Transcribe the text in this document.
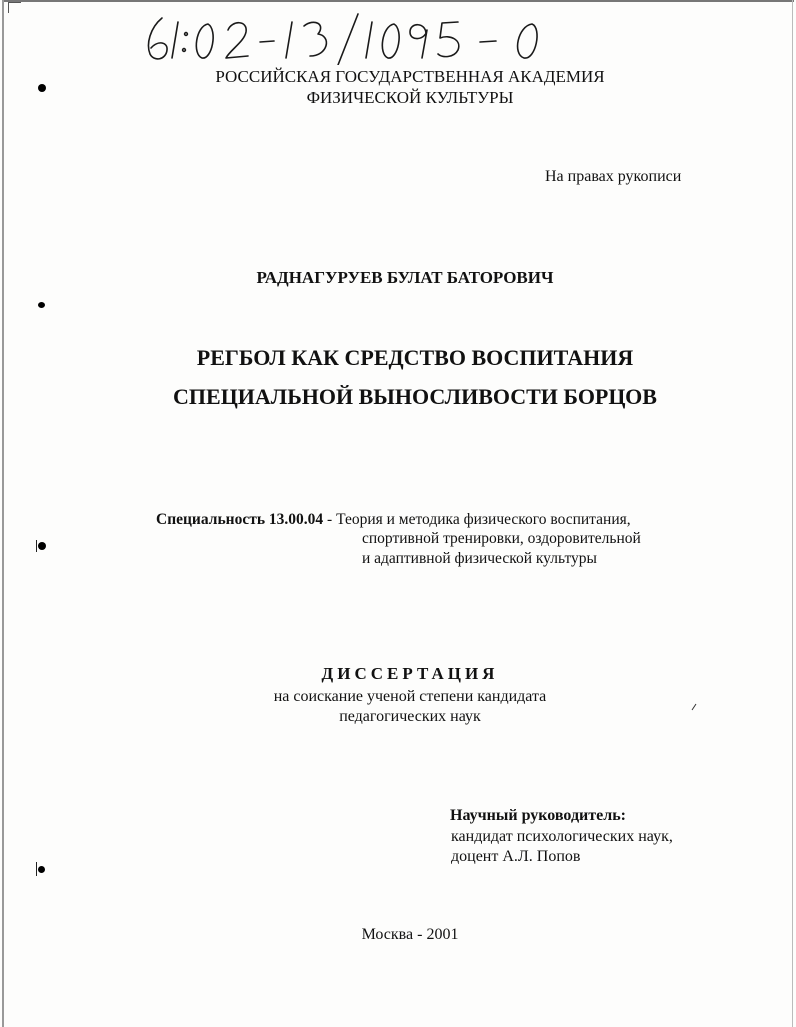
РОССИЙСКАЯ ГОСУДАРСТВЕННАЯ АКАДЕМИЯ
ФИЗИЧЕСКОЙ КУЛЬТУРЫ
На правах рукописи
РАДНАГУРУЕВ БУЛАТ БАТОРОВИЧ
РЕГБОЛ КАК СРЕДСТВО ВОСПИТАНИЯ
СПЕЦИАЛЬНОЙ ВЫНОСЛИВОСТИ БОРЦОВ
Специальность 13.00.04 - Теория и методика физического воспитания,
спортивной тренировки, оздоровительной
и адаптивной физической культуры
ДИССЕРТАЦИЯ
на соискание ученой степени кандидата
педагогических наук
Научный руководитель:
кандидат психологических наук,
доцент А.Л. Попов
Москва - 2001
